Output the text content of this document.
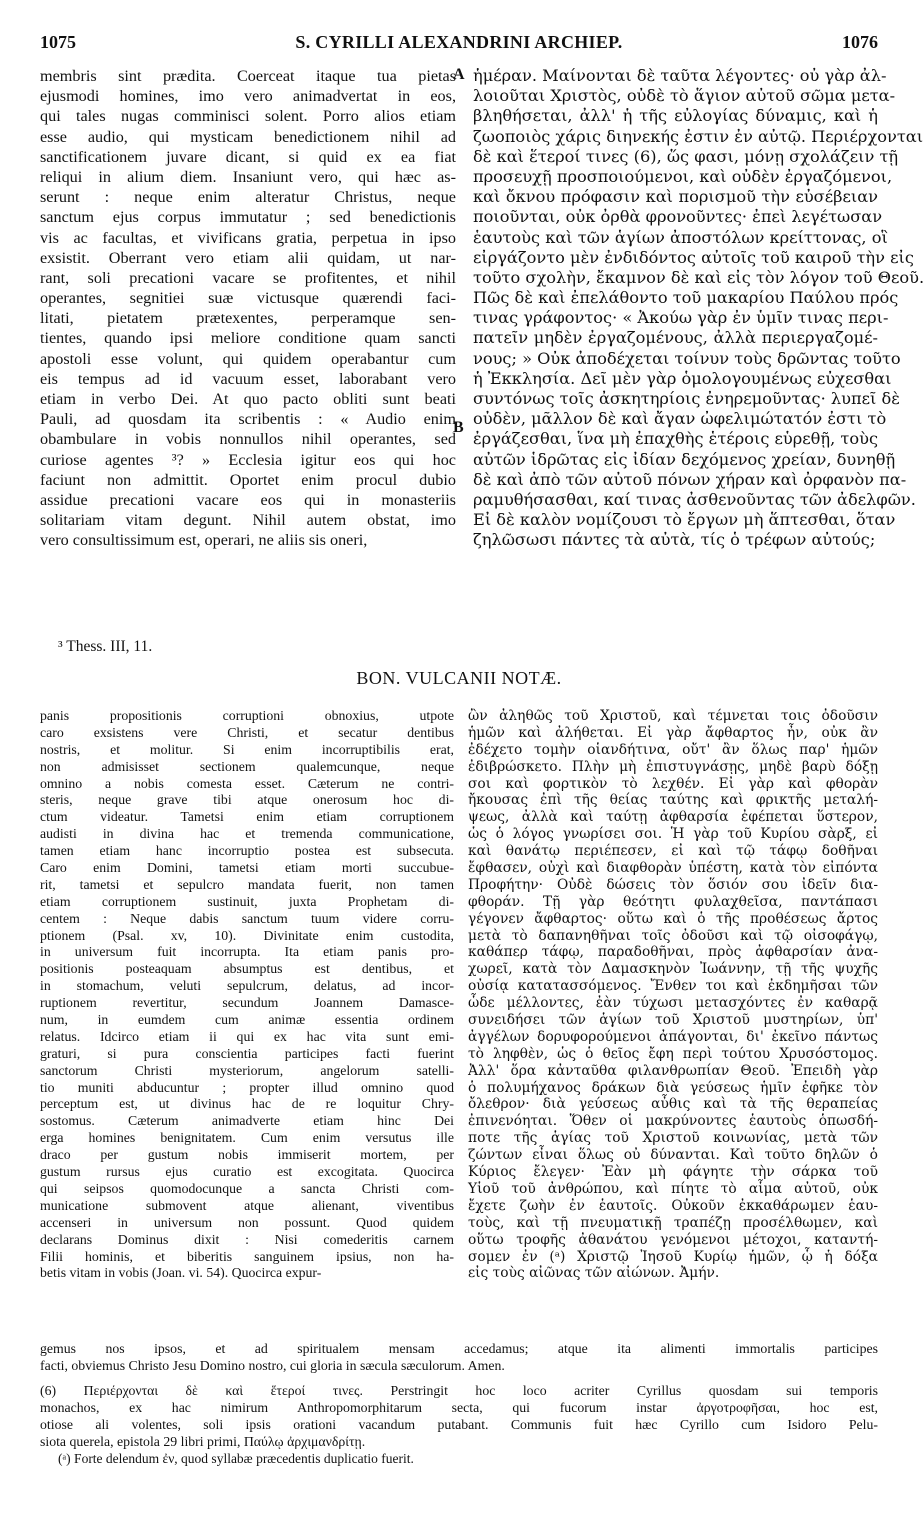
1075	S. CYRILLI ALEXANDRINI ARCHIEP.	1076
membris sint prædita. Coerceat itaque tua pietas
ejusmodi homines, imo vero animadvertat in eos,
qui tales nugas comminisci solent. Porro alios etiam
esse audio, qui mysticam benedictionem nihil ad
sanctificationem juvare dicant, si quid ex ea fiat
reliqui in alium diem. Insaniunt vero, qui hæc as-
serunt : neque enim alteratur Christus, neque
sanctum ejus corpus immutatur ; sed benedictionis
vis ac facultas, et vivificans gratia, perpetua in ipso
exsistit. Oberrant vero etiam alii quidam, ut nar-
rant, soli precationi vacare se profitentes, et nihil
operantes, segnitiei suæ victusque quærendi faci-
litati, pietatem prætexentes, perperamque sen-
tientes, quando ipsi meliore conditione quam sancti
apostoli esse volunt, qui quidem operabantur cum
eis tempus ad id vacuum esset, laborabant vero
etiam in verbo Dei. At quo pacto obliti sunt beati
Pauli, ad quosdam ita scribentis : « Audio enim
obambulare in vobis nonnullos nihil operantes, sed
curiose agentes ³? » Ecclesia igitur eos qui hoc
faciunt non admittit. Oportet enim procul dubio
assidue precationi vacare eos qui in monasteriis
solitariam vitam degunt. Nihil autem obstat, imo
vero consultissimum est, operari, ne aliis sis oneri,
ἡμέραν. Μαίνονται δὲ ταῦτα λέγοντες· οὐ γὰρ ἀλ-
λοιοῦται Χριστὸς, οὐδὲ τὸ ἅγιον αὐτοῦ σῶμα μετα-
βληθήσεται, ἀλλ' ἡ τῆς εὐλογίας δύναμις, καὶ ἡ
ζωοποιὸς χάρις διηνεκής ἐστιν ἐν αὐτῷ. Περιέρχονται
δὲ καὶ ἕτεροί τινες (6), ὥς φασι, μόνῃ σχολάζειν τῇ
προσευχῇ προσποιούμενοι, καὶ οὐδὲν ἐργαζόμενοι,
καὶ ὄκνου πρόφασιν καὶ πορισμοῦ τὴν εὐσέβειαν
ποιοῦνται, οὐκ ὀρθὰ φρονοῦντες· ἐπεὶ λεγέτωσαν
ἑαυτοὺς καὶ τῶν ἁγίων ἀποστόλων κρείττονας, οἳ
εἰργάζοντο μὲν ἐνδιδόντος αὐτοῖς τοῦ καιροῦ τὴν εἰς
τοῦτο σχολὴν, ἔκαμνον δὲ καὶ εἰς τὸν λόγον τοῦ Θεοῦ.
Πῶς δὲ καὶ ἐπελάθοντο τοῦ μακαρίου Παύλου πρός
τινας γράφοντος· « Ἀκούω γὰρ ἐν ὑμῖν τινας περι-
πατεῖν μηδὲν ἐργαζομένους, ἀλλὰ περιεργαζομέ-
νους; » Οὐκ ἀποδέχεται τοίνυν τοὺς δρῶντας τοῦτο
ἡ Ἐκκλησία. Δεῖ μὲν γὰρ ὁμολογουμένως εὐχεσθαι
συντόνως τοῖς ἀσκητηρίοις ἐνηρεμοῦντας· λυπεῖ δὲ
οὐδὲν, μᾶλλον δὲ καὶ ἄγαν ὠφελιμώτατόν ἐστι τὸ
ἐργάζεσθαι, ἵνα μὴ ἐπαχθὴς ἑτέροις εὑρεθῇ, τοὺς
αὐτῶν ἱδρῶτας εἰς ἰδίαν δεχόμενος χρείαν, δυνηθῇ
δὲ καὶ ἀπὸ τῶν αὐτοῦ πόνων χήραν καὶ ὀρφανὸν πα-
ραμυθήσασθαι, καί τινας ἀσθενοῦντας τῶν ἀδελφῶν.
Εἰ δὲ καλὸν νομίζουσι τὸ ἔργων μὴ ἅπτεσθαι, ὅταν
ζηλῶσωσι πάντες τὰ αὐτὰ, τίς ὁ τρέφων αὐτούς;
A
B
³ Thess. III, 11.
BON. VULCANII NOTÆ.
panis propositionis corruptioni obnoxius, utpote
caro exsistens vere Christi, et secatur dentibus
nostris, et molitur. Si enim incorruptibilis erat,
non admisisset sectionem qualemcunque, neque
omnino a nobis comesta esset. Cæterum ne contri-
steris, neque grave tibi atque onerosum hoc di-
ctum videatur. Tametsi enim etiam corruptionem
audisti in divina hac et tremenda communicatione,
tamen etiam hanc incorruptio postea est subsecuta.
Caro enim Domini, tametsi etiam morti succubue-
rit, tametsi et sepulcro mandata fuerit, non tamen
etiam corruptionem sustinuit, juxta Prophetam di-
centem : Neque dabis sanctum tuum videre corru-
ptionem (Psal. xv, 10). Divinitate enim custodita,
in universum fuit incorrupta. Ita etiam panis pro-
positionis posteaquam absumptus est dentibus, et
in stomachum, veluti sepulcrum, delatus, ad incor-
ruptionem revertitur, secundum Joannem Damasce-
num, in eumdem cum animæ essentia ordinem
relatus. Idcirco etiam ii qui ex hac vita sunt emi-
graturi, si pura conscientia participes facti fuerint
sanctorum Christi mysteriorum, angelorum satelli-
tio muniti abducuntur ; propter illud omnino quod
perceptum est, ut divinus hac de re loquitur Chry-
sostomus. Cæterum animadverte etiam hinc Dei
erga homines benignitatem. Cum enim versutus ille
draco per gustum nobis immiserit mortem, per
gustum rursus ejus curatio est excogitata. Quocirca
qui seipsos quomodocunque a sancta Christi com-
municatione submovent atque alienant, viventibus
accenseri in universum non possunt. Quod quidem
declarans Dominus dixit : Nisi comederitis carnem
Filii hominis, et biberitis sanguinem ipsius, non ha-
betis vitam in vobis (Joan. vi. 54). Quocirca expur-
ὢν ἀληθῶς τοῦ Χριστοῦ, καὶ τέμνεται τοις ὀδοῦσιν
ἡμῶν καὶ ἀλήθεται. Εἰ γὰρ ἄφθαρτος ἦν, οὐκ ἂν
ἐδέχετο τομὴν οἱανδήτινα, οὔτ' ἂν ὅλως παρ' ἡμῶν
ἐδιβρώσκετο. Πλὴν μὴ ἐπιστυγνάσῃς, μηδὲ βαρὺ δόξῃ
σοι καὶ φορτικὸν τὸ λεχθέν. Εἰ γὰρ καὶ φθορὰν
ἤκουσας ἐπὶ τῆς θείας ταύτης καὶ φρικτῆς μεταλή-
ψεως, ἀλλὰ καὶ ταύτῃ ἀφθαρσία ἐφέπεται ὕστερον,
ὡς ὁ λόγος γνωρίσει σοι. Ἡ γὰρ τοῦ Κυρίου σὰρξ, εἰ
καὶ θανάτῳ περιέπεσεν, εἰ καὶ τῷ τάφῳ δοθῆναι
ἔφθασεν, οὐχὶ καὶ διαφθορὰν ὑπέστη, κατὰ τὸν εἰπόντα
Προφήτην· Οὐδὲ δώσεις τὸν ὅσιόν σου ἰδεῖν δια-
φθοράν. Τῇ γὰρ θεότητι φυλαχθεῖσα, παντάπασι
γέγονεν ἄφθαρτος· οὕτω καὶ ὁ τῆς προθέσεως ἄρτος
μετὰ τὸ δαπανηθῆναι τοῖς ὀδοῦσι καὶ τῷ οἰσοφάγῳ,
καθάπερ τάφῳ, παραδοθῆναι, πρὸς ἀφθαρσίαν ἀνα-
χωρεῖ, κατὰ τὸν Δαμασκηνὸν Ἰωάννην, τῇ τῆς ψυχῆς
οὐσίᾳ κατατασσόμενος. Ἔνθεν τοι καὶ ἐκδημῆσαι τῶν
ὧδε μέλλοντες, ἐὰν τύχωσι μετασχόντες ἐν καθαρᾷ
συνειδήσει τῶν ἁγίων τοῦ Χριστοῦ μυστηρίων, ὑπ'
ἀγγέλων δορυφορούμενοι ἀπάγονται, δι' ἐκεῖνο πάντως
τὸ ληφθὲν, ὡς ὁ θεῖος ἔφη περὶ τούτου Χρυσόστομος.
Ἀλλ' ὅρα κἀνταῦθα φιλανθρωπίαν Θεοῦ. Ἐπειδὴ γὰρ
ὁ πολυμήχανος δράκων διὰ γεύσεως ἡμῖν ἐφῆκε τὸν
ὄλεθρον· διὰ γεύσεως αὖθις καὶ τὰ τῆς θεραπείας
ἐπινενόηται. Ὅθεν οἱ μακρύνοντες ἑαυτοὺς ὁπωσδή-
ποτε τῆς ἁγίας τοῦ Χριστοῦ κοινωνίας, μετὰ τῶν
ζώντων εἶναι ὅλως οὐ δύνανται. Καὶ τοῦτο δηλῶν ὁ
Κύριος ἔλεγεν· Ἐὰν μὴ φάγητε τὴν σάρκα τοῦ
Υἱοῦ τοῦ ἀνθρώπου, καὶ πίητε τὸ αἷμα αὐτοῦ, οὐκ
ἔχετε ζωὴν ἐν ἑαυτοῖς. Οὐκοῦν ἐκκαθάρωμεν ἑαυ-
τοὺς, καὶ τῇ πνευματικῇ τραπέζῃ προσέλθωμεν, καὶ
οὕτω τροφῆς ἀθανάτου γενόμενοι μέτοχοι, καταντή-
σομεν ἐν (ᵃ) Χριστῷ Ἰησοῦ Κυρίῳ ἡμῶν, ᾧ ἡ δόξα
εἰς τοὺς αἰῶνας τῶν αἰώνων. Ἀμήν.
gemus nos ipsos, et ad spiritualem mensam accedamus; atque ita alimenti immortalis participes
facti, obviemus Christo Jesu Domino nostro, cui gloria in sæcula sæculorum. Amen.
(6) Περιέρχονται δὲ καὶ ἕτεροί τινες. Perstringit hoc loco acriter Cyrillus quosdam sui temporis
monachos, ex hac nimirum Anthropomorphitarum secta, qui fucorum instar ἀργοτροφῆσαι, hoc est,
otiose ali volentes, soli ipsis orationi vacandum putabant. Communis fuit hæc Cyrillo cum Isidoro Pelu-
siota querela, epistola 29 libri primi, Παύλῳ ἀρχιμανδρίτῃ.
(ᵃ) Forte delendum ἐν, quod syllabæ præcedentis duplicatio fuerit.
